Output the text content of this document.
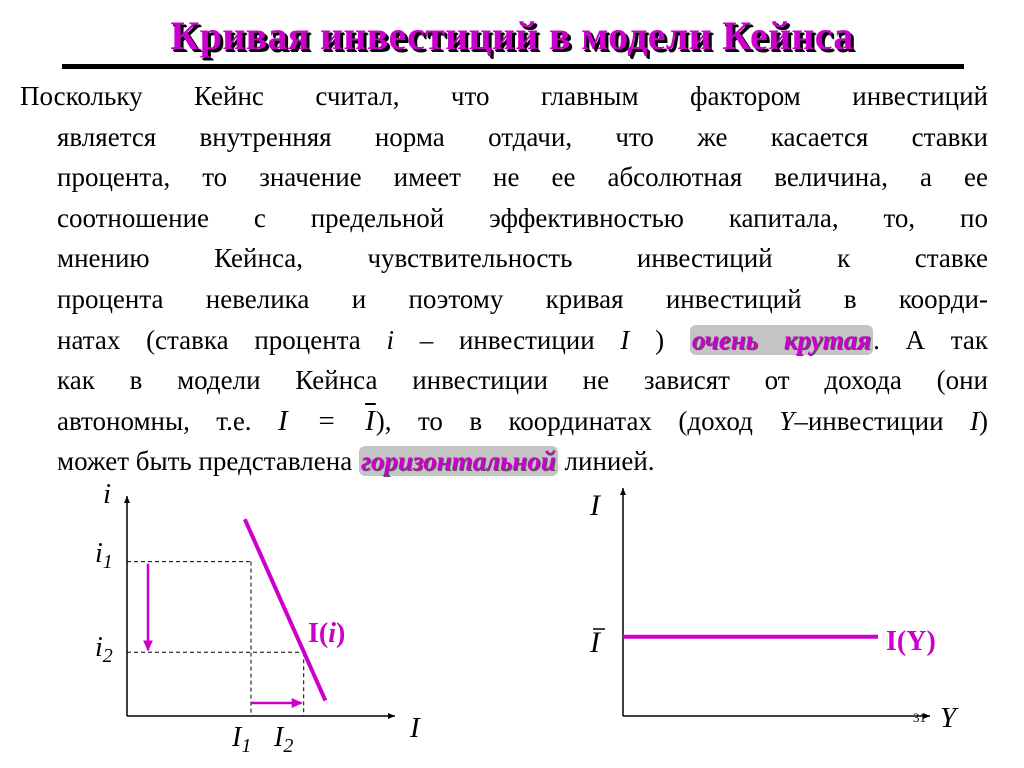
Кривая инвестиций в модели Кейнса
Поскольку Кейнс считал, что главным фактором инвестиций
является внутренняя норма отдачи, что же касается ставки
процента, то значение имеет не ее абсолютная величина, а ее
соотношение с предельной эффективностью капитала, то, по
мнению Кейнса, чувствительность инвестиций к ставке
процента невелика и поэтому кривая инвестиций в коорди-
натах (ставка процента i – инвестиции I ) очень крутая. А так
как в модели Кейнса инвестиции не зависят от дохода (они
автономны, т.е. $I = \overline{I}$), то в координатах (доход Y–инвестиции I)
может быть представлена горизонтальной линией.
i
I
I(i)
$i_1$
$i_2$
$I_1$ $I_2$
I
Y
I	I(Y)
31
